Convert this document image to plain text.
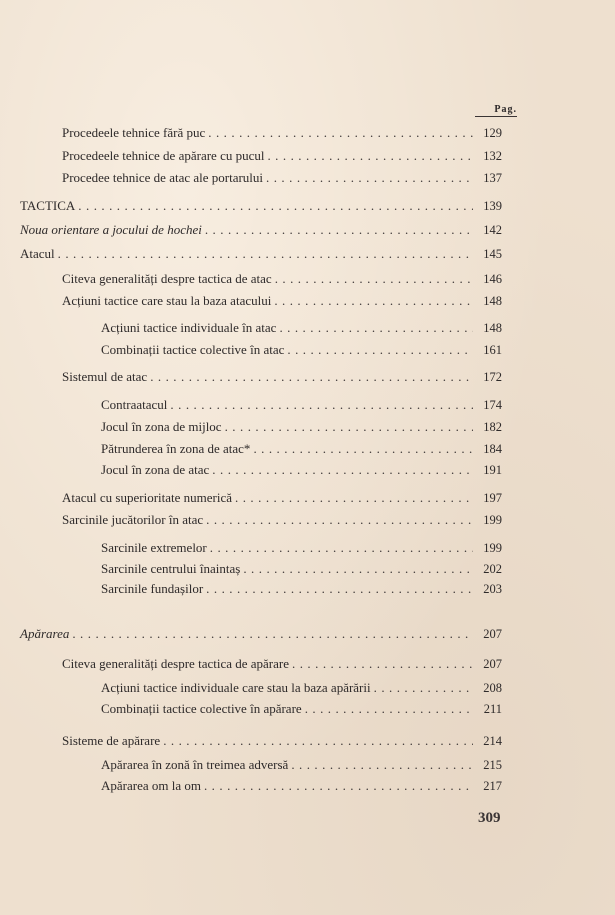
Pag.
Procedeele tehnice fără puc . . .	129
Procedeele tehnice de apărare cu pucul . . .	132
Procedee tehnice de atac ale portarului . . .	137
TACTICA . . .	139
Noua orientare a jocului de hochei . . .	142
Atacul . . .	145
Citeva generalități despre tactica de atac . . .	146
Acțiuni tactice care stau la baza atacului . . .	148
Acțiuni tactice individuale în atac . . .	148
Combinații tactice colective în atac . . .	161
Sistemul de atac . . .	172
Contraatacul . . .	174
Jocul în zona de mijloc . . .	182
Pătrunderea în zona de atac* . . .	184
Jocul în zona de atac . . .	191
Atacul cu superioritate numerică . . .	197
Sarcinile jucătorilor în atac . . .	199
Sarcinile extremelor . . .	199
Sarcinile centrului înaintaș . . .	202
Sarcinile fundașilor . . .	203
Apărarea . . .	207
Citeva generalități despre tactica de apărare . . .	207
Acțiuni tactice individuale care stau la baza apărării . . .	208
Combinații tactice colective în apărare . . .	211
Sisteme de apărare . . .	214
Apărarea în zonă în treimea adversă . . .	215
Apărarea om la om . . .	217
309
